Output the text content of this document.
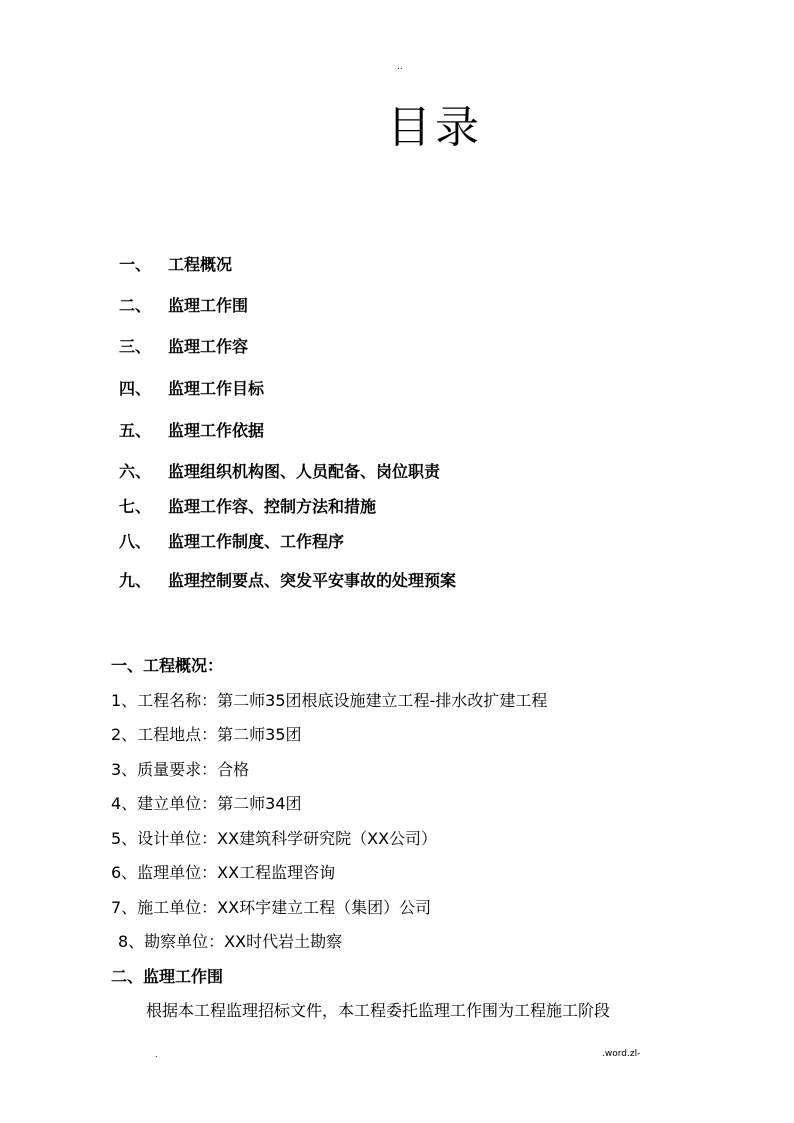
..
目录
一、 工程概况
二、 监理工作围
三、 监理工作容
四、 监理工作目标
五、 监理工作依据
六、 监理组织机构图、人员配备、岗位职责
七、 监理工作容、控制方法和措施
八、 监理工作制度、工作程序
九、 监理控制要点、突发平安事故的处理预案
一、工程概况：
1、工程名称：第二师35团根底设施建立工程-排水改扩建工程
2、工程地点：第二师35团
3、质量要求：合格
4、建立单位：第二师34团
5、设计单位：XX建筑科学研究院（XX公司）
6、监理单位：XX工程监理咨询
7、施工单位：XX环宇建立工程（集团）公司
8、勘察单位：XX时代岩土勘察
二、监理工作围
根据本工程监理招标文件，本工程委托监理工作围为工程施工阶段
.	.word.zl-
